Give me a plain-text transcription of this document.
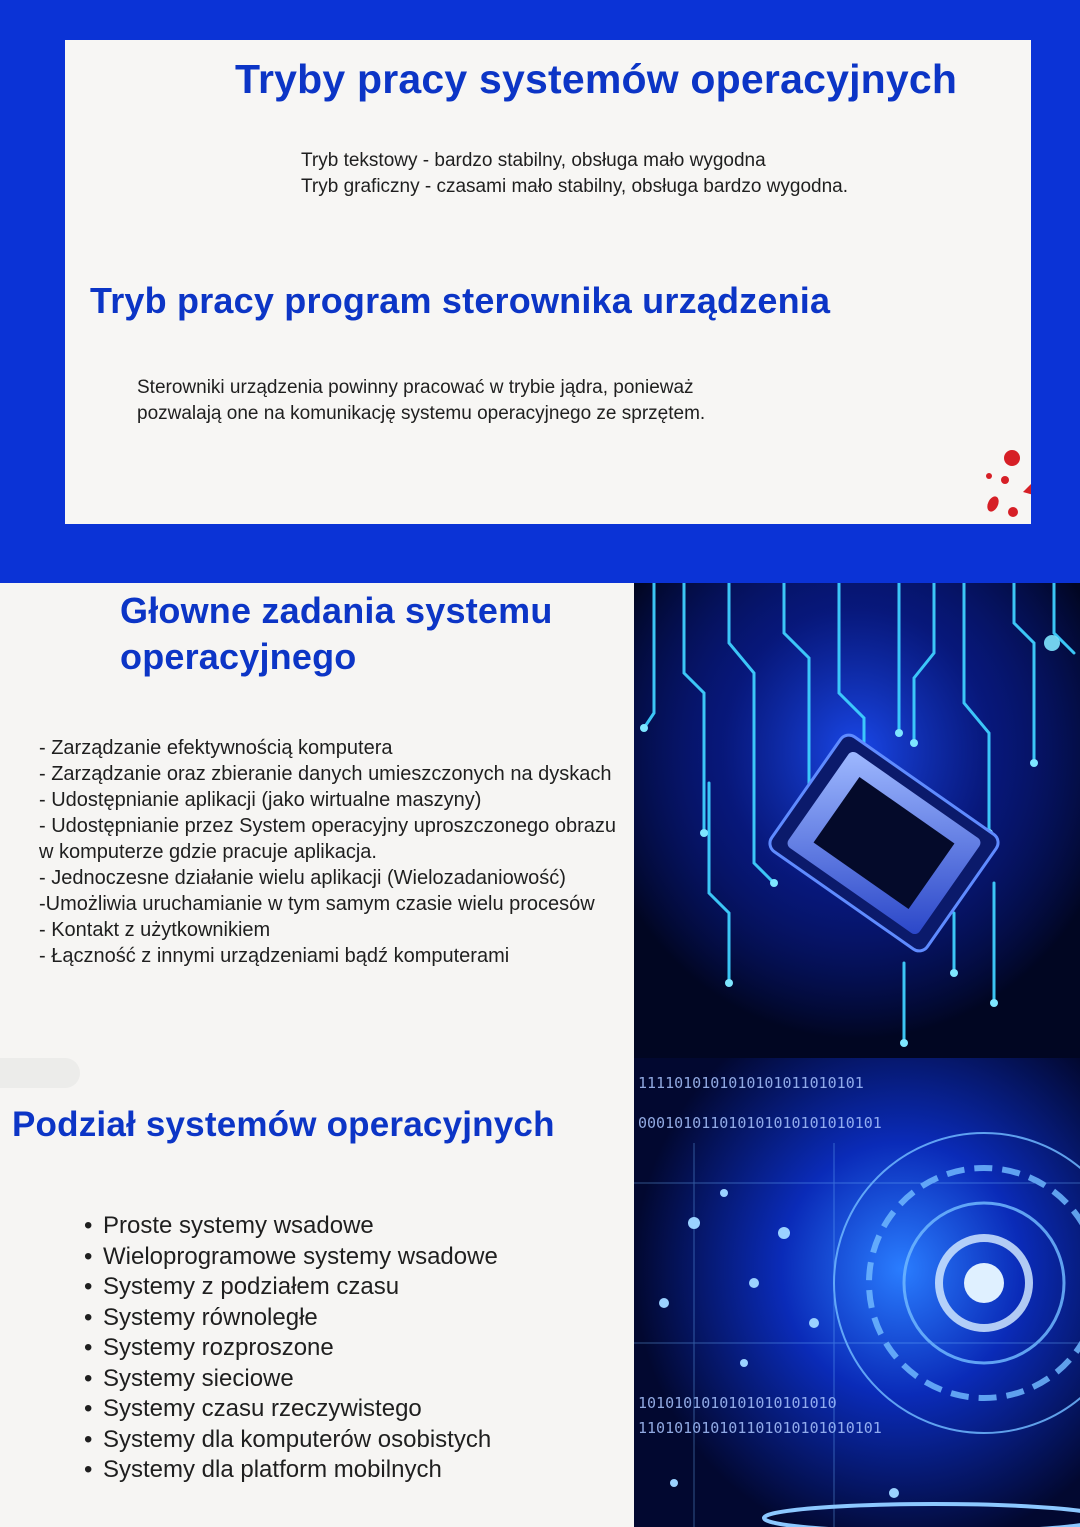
Tryby pracy systemów operacyjnych
Tryb tekstowy - bardzo stabilny, obsługa mało wygodna
Tryb graficzny - czasami mało stabilny, obsługa bardzo wygodna.
Tryb pracy program sterownika urządzenia
Sterowniki urządzenia powinny pracować w trybie jądra, ponieważ
pozwalają one na komunikację systemu operacyjnego ze sprzętem.
Głowne zadania systemu operacyjnego
- Zarządzanie efektywnością komputera
- Zarządzanie oraz zbieranie danych umieszczonych na dyskach
- Udostępnianie aplikacji (jako wirtualne maszyny)
- Udostępnianie przez System operacyjny uproszczonego obrazu w komputerze gdzie pracuje aplikacja.
- Jednoczesne działanie wielu aplikacji (Wielozadaniowość)
-Umożliwia uruchamianie w tym samym czasie wielu procesów
- Kontakt z użytkownikiem
- Łączność z innymi urządzeniami bądź komputerami
Podział systemów operacyjnych
• Proste systemy wsadowe
• Wieloprogramowe systemy wsadowe
• Systemy z podziałem czasu
• Systemy równoległe
• Systemy rozproszone
• Systemy sieciowe
• Systemy czasu rzeczywistego
• Systemy dla komputerów osobistych
• Systemy dla platform mobilnych
1111010101010101011010101
000101011010101010101010101
1010101010101010101010
110101010101101010101010101
